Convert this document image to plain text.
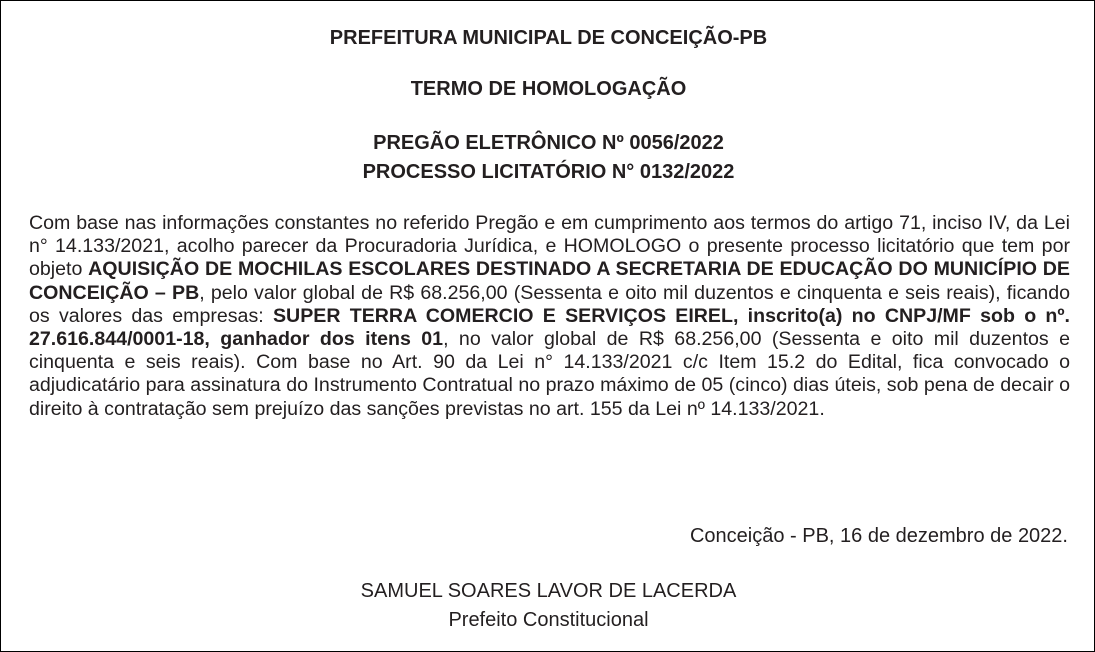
PREFEITURA MUNICIPAL DE CONCEIÇÃO-PB
TERMO DE HOMOLOGAÇÃO
PREGÃO ELETRÔNICO Nº 0056/2022
PROCESSO LICITATÓRIO N° 0132/2022
Com base nas informações constantes no referido Pregão e em cumprimento aos termos do artigo 71, inciso IV, da Lei n° 14.133/2021, acolho parecer da Procuradoria Jurídica, e HOMOLOGO o presente processo licitatório que tem por objeto AQUISIÇÃO DE MOCHILAS ESCOLARES DESTINADO A SECRETARIA DE EDUCAÇÃO DO MUNICÍPIO DE CONCEIÇÃO – PB, pelo valor global de R$ 68.256,00 (Sessenta e oito mil duzentos e cinquenta e seis reais), ficando os valores das empresas: SUPER TERRA COMERCIO E SERVIÇOS EIREL, inscrito(a) no CNPJ/MF sob o nº. 27.616.844/0001-18, ganhador dos itens 01, no valor global de R$ 68.256,00 (Sessenta e oito mil duzentos e cinquenta e seis reais). Com base no Art. 90 da Lei n° 14.133/2021 c/c Item 15.2 do Edital, fica convocado o adjudicatário para assinatura do Instrumento Contratual no prazo máximo de 05 (cinco) dias úteis, sob pena de decair o direito à contratação sem prejuízo das sanções previstas no art. 155 da Lei nº 14.133/2021.
Conceição - PB, 16 de dezembro de 2022.
SAMUEL SOARES LAVOR DE LACERDA
Prefeito Constitucional
